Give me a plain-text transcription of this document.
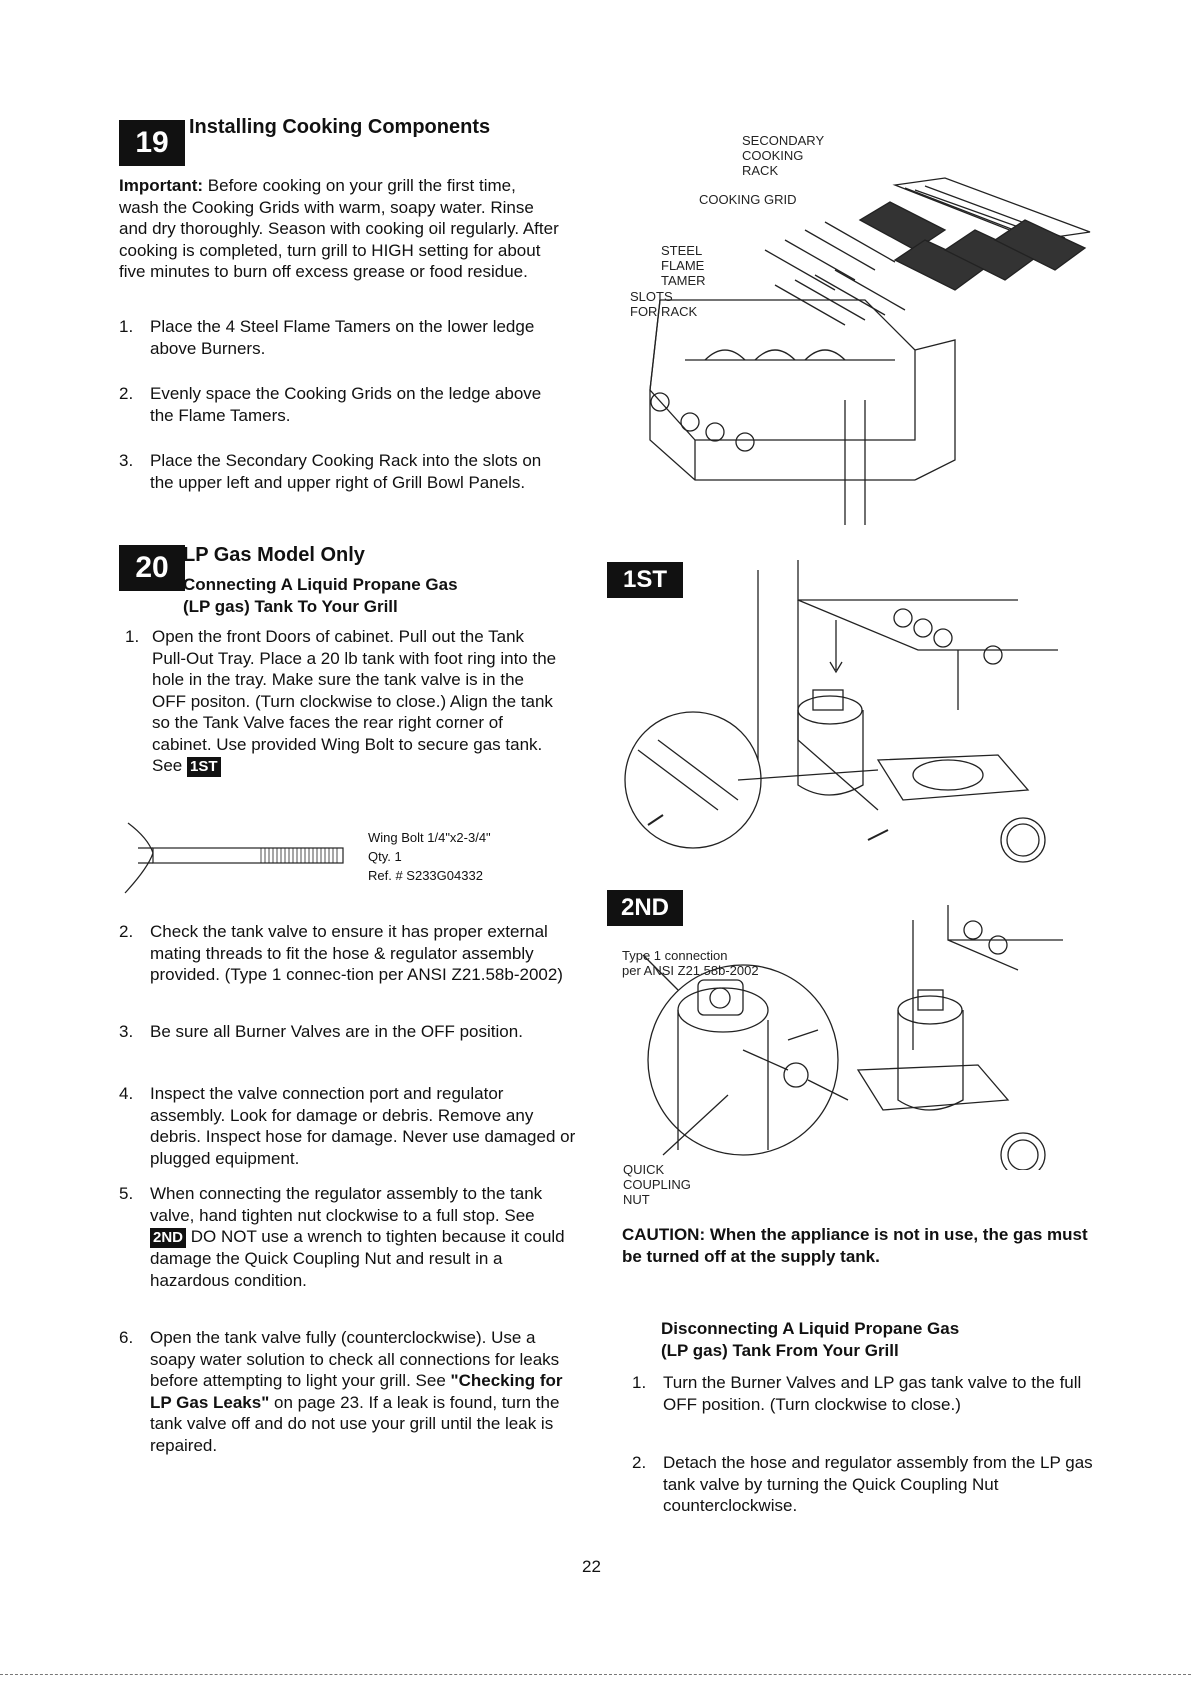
19	Installing Cooking Components
Important: Before cooking on your grill the first time, wash the Cooking Grids with warm, soapy water. Rinse and dry thoroughly. Season with cooking oil regularly. After cooking is completed, turn grill to HIGH setting for about five minutes to burn off excess grease or food residue.
1. Place the 4 Steel Flame Tamers on the lower ledge above Burners.
2. Evenly space the Cooking Grids on the ledge above the Flame Tamers.
3. Place the Secondary Cooking Rack into the slots on the upper left and upper right of Grill Bowl Panels.
SECONDARY COOKING RACK
COOKING GRID
STEEL FLAME TAMER
SLOTS FOR RACK
20 LP Gas Model Only
Connecting A Liquid Propane Gas
(LP gas) Tank To Your Grill
1. Open the front Doors of cabinet. Pull out the Tank Pull-Out Tray. Place a 20 lb tank with foot ring into the hole in the tray. Make sure the tank valve is in the OFF positon. (Turn clockwise to close.) Align the tank so the Tank Valve faces the rear right corner of cabinet. Use provided Wing Bolt to secure gas tank. See 1ST
Wing Bolt 1/4"x2-3/4"
Qty. 1
Ref. # S233G04332
2. Check the tank valve to ensure it has proper external mating threads to fit the hose & regulator assembly provided. (Type 1 connec-tion per ANSI Z21.58b-2002)
3. Be sure all Burner Valves are in the OFF position.
4. Inspect the valve connection port and regulator assembly. Look for damage or debris. Remove any debris. Inspect hose for damage. Never use damaged or plugged equipment.
5. When connecting the regulator assembly to the tank valve, hand tighten nut clockwise to a full stop. See 2ND DO NOT use a wrench to tighten because it could damage the Quick Coupling Nut and result in a hazardous condition.
6. Open the tank valve fully (counterclockwise). Use a soapy water solution to check all connections for leaks before attempting to light your grill. See "Checking for LP Gas Leaks" on page 23. If a leak is found, turn the tank valve off and do not use your grill until the leak is repaired.
1ST
2ND
Type 1 connection
per ANSI Z21.58b-2002
QUICK
COUPLING
NUT
CAUTION: When the appliance is not in use, the gas must be turned off at the supply tank.
Disconnecting A Liquid Propane Gas
(LP gas) Tank From Your Grill
1. Turn the Burner Valves and LP gas tank valve to the full OFF position. (Turn clockwise to close.)
2. Detach the hose and regulator assembly from the LP gas tank valve by turning the Quick Coupling Nut counterclockwise.
22
